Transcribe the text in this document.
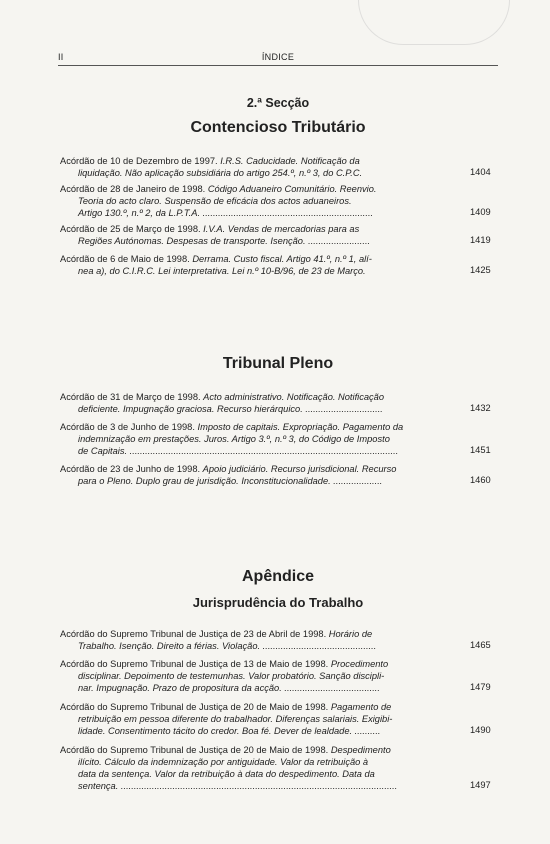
II	ÍNDICE
2.ª Secção
Contencioso Tributário
Acórdão de 10 de Dezembro de 1997. I.R.S. Caducidade. Notificação da
liquidação. Não aplicação subsidiária do artigo 254.º, n.º 3, do C.P.C.	1404
Acórdão de 28 de Janeiro de 1998. Código Aduaneiro Comunitário. Reenvio.
Teoria do acto claro. Suspensão de eficácia dos actos aduaneiros.
Artigo 130.º, n.º 2, da L.P.T.A. ..................................................................	1409
Acórdão de 25 de Março de 1998. I.V.A. Vendas de mercadorias para as
Regiões Autónomas. Despesas de transporte. Isenção. ........................	1419
Acórdão de 6 de Maio de 1998. Derrama. Custo fiscal. Artigo 41.º, n.º 1, alí-
nea a), do C.I.R.C. Lei interpretativa. Lei n.º 10-B/96, de 23 de Março.	1425
Tribunal Pleno
Acórdão de 31 de Março de 1998. Acto administrativo. Notificação. Notificação
deficiente. Impugnação graciosa. Recurso hierárquico. ..............................	1432
Acórdão de 3 de Junho de 1998. Imposto de capitais. Expropriação. Pagamento da
indemnização em prestações. Juros. Artigo 3.º, n.º 3, do Código de Imposto
de Capitais. ........................................................................................................	1451
Acórdão de 23 de Junho de 1998. Apoio judiciário. Recurso jurisdicional. Recurso
para o Pleno. Duplo grau de jurisdição. Inconstitucionalidade. ...................	1460
Apêndice
Jurisprudência do Trabalho
Acórdão do Supremo Tribunal de Justiça de 23 de Abril de 1998. Horário de
Trabalho. Isenção. Direito a férias. Violação. ............................................	1465
Acórdão do Supremo Tribunal de Justiça de 13 de Maio de 1998. Procedimento
disciplinar. Depoimento de testemunhas. Valor probatório. Sanção discipli-
nar. Impugnação. Prazo de propositura da acção. .....................................	1479
Acórdão do Supremo Tribunal de Justiça de 20 de Maio de 1998. Pagamento de
retribuição em pessoa diferente do trabalhador. Diferenças salariais. Exigibi-
lidade. Consentimento tácito do credor. Boa fé. Dever de lealdade. ..........	1490
Acórdão do Supremo Tribunal de Justiça de 20 de Maio de 1998. Despedimento
ilícito. Cálculo da indemnização por antiguidade. Valor da retribuição à
data da sentença. Valor da retribuição à data do despedimento. Data da
sentença. ...........................................................................................................	1497
